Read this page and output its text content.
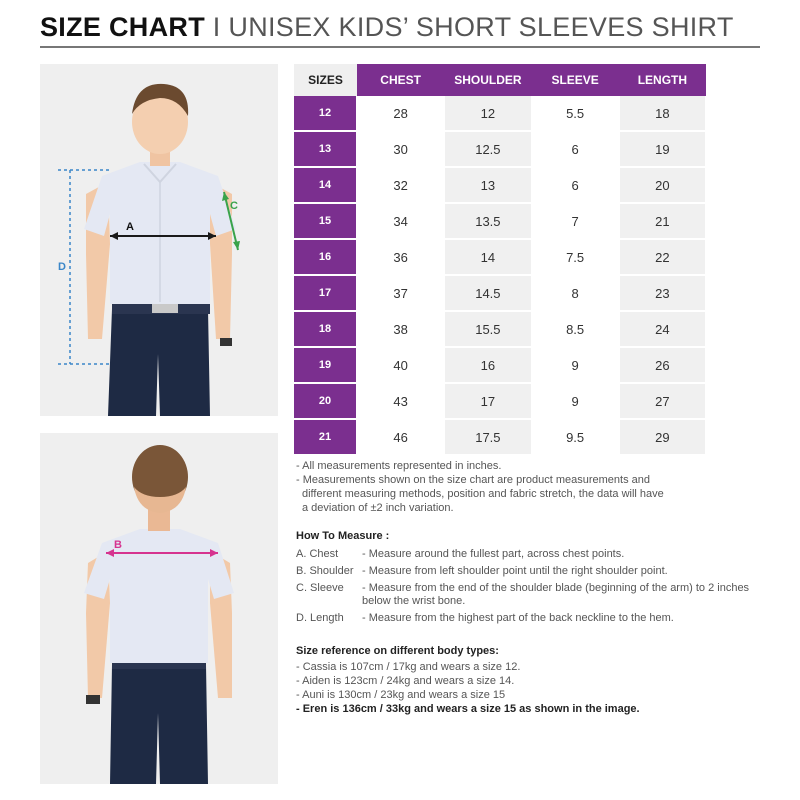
SIZE CHART I UNISEX KIDS’ SHORT SLEEVES SHIRT
A
C
D
B
SIZES	CHEST	SHOULDER	SLEEVE	LENGTH
12	28	12	5.5	18
13	30	12.5	6	19
14	32	13	6	20
15	34	13.5	7	21
16	36	14	7.5	22
17	37	14.5	8	23
18	38	15.5	8.5	24
19	40	16	9	26
20	43	17	9	27
21	46	17.5	9.5	29

- All measurements represented in inches.

- Measurements shown on the size chart are product measurements and

different measuring methods, position and fabric stretch, the data will have

a deviation of ±2 inch variation.

How To Measure :
A. Chest	- Measure around the fullest part, across chest points.
B. Shoulder - Measure from left shoulder point until the right shoulder point.
C. Sleeve	- Measure from the end of the shoulder blade (beginning of the arm) to 2 inches below the wrist bone.
D. Length	- Measure from the highest part of the back neckline to the hem.
Size reference on different body types:

- Cassia is 107cm / 17kg and wears a size 12.

- Aiden is 123cm / 24kg and wears a size 14.

- Auni is 130cm / 23kg and wears a size 15

- Eren is 136cm / 33kg and wears a size 15 as shown in the image.
